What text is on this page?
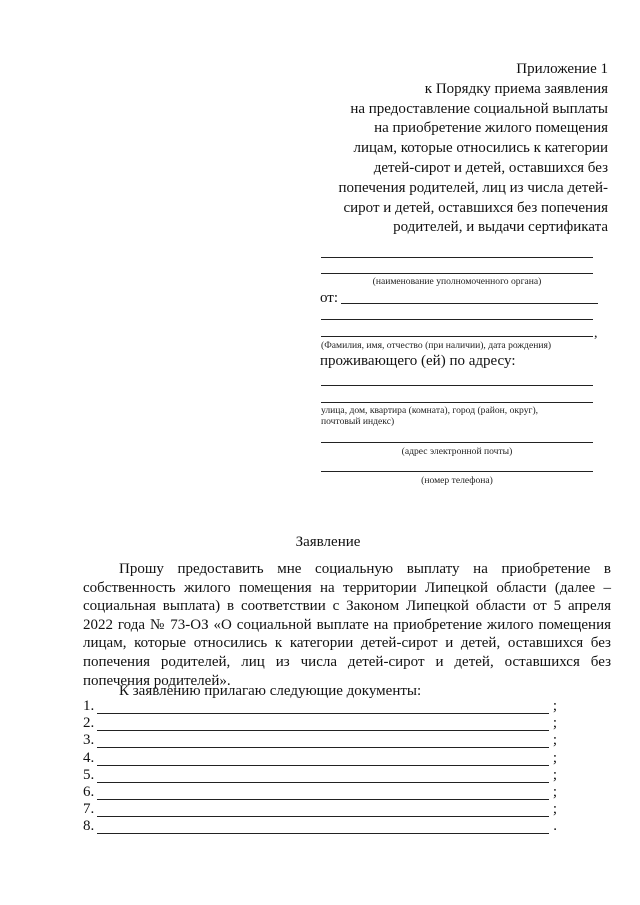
Приложение 1
к Порядку приема заявления
на предоставление социальной выплаты
на приобретение жилого помещения
лицам, которые относились к категории
детей-сирот и детей, оставшихся без
попечения родителей, лиц из числа детей-
сирот и детей, оставшихся без попечения
родителей, и выдачи сертификата
(наименование уполномоченного органа)
от:
,
(Фамилия, имя, отчество (при наличии), дата рождения)
проживающего (ей) по адресу:
улица, дом, квартира (комната), город (район, округ),
почтовый индекс)
(адрес электронной почты)
(номер телефона)
Заявление

Прошу предоставить мне социальную выплату на приобретение в собственность жилого помещения на территории Липецкой области (далее – социальная выплата) в соответствии с Законом Липецкой области от 5 апреля 2022 года № 73-ОЗ «О социальной выплате на приобретение жилого помещения лицам, которые относились к категории детей-сирот и детей, оставшихся без попечения родителей, лиц из числа детей-сирот и детей, оставшихся без попечения родителей».

К заявлению прилагаю следующие документы:
1.	;
2.	;
3.	;
4.	;
5.	;
6.	;
7.	;
8.	.
